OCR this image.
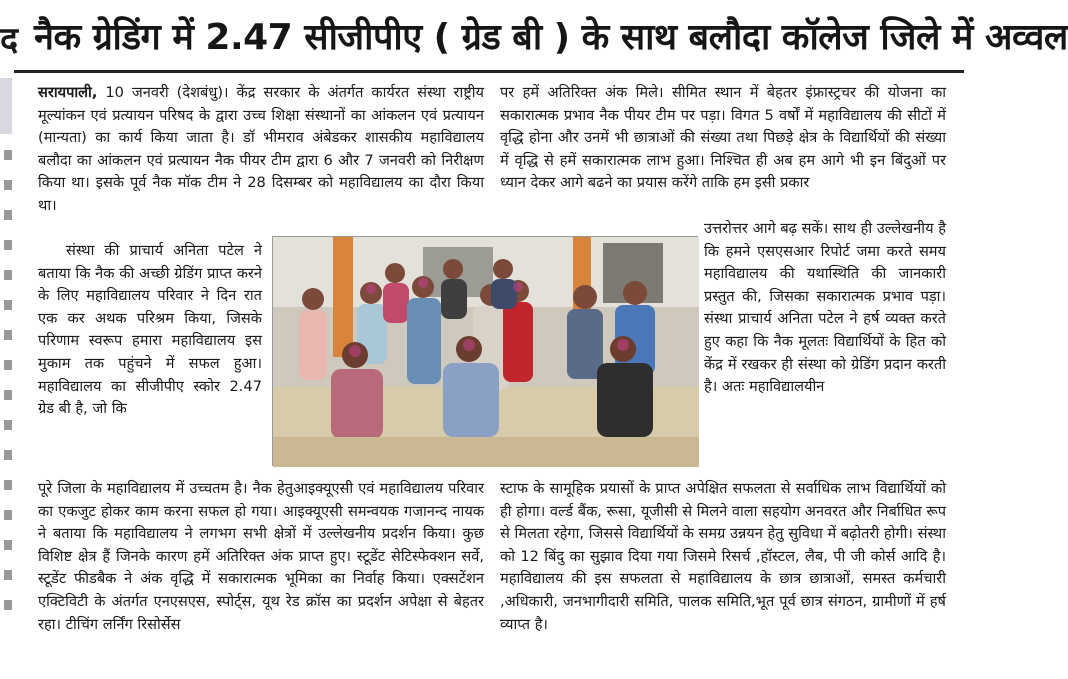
द नैक ग्रेडिंग में 2.47 सीजीपीए ( ग्रेड बी ) के साथ बलौदा कॉलेज जिले में अव्वल

सरायपाली, 10 जनवरी (देशबंधु)। केंद्र सरकार के अंतर्गत कार्यरत संस्था राष्ट्रीय मूल्यांकन एवं प्रत्यायन परिषद के द्वारा उच्च शिक्षा संस्थानों का आंकलन एवं प्रत्यायन (मान्यता) का कार्य किया जाता है। डॉ भीमराव अंबेडकर शासकीय महाविद्यालय बलौदा का आंकलन एवं प्रत्यायन नैक पीयर टीम द्वारा 6 और 7 जनवरी को निरीक्षण किया था। इसके पूर्व नैक मॉक टीम ने 28 दिसम्बर को महाविद्यालय का दौरा किया था।

संस्था की प्राचार्य अनिता पटेल ने बताया कि नैक की अच्छी ग्रेडिंग प्राप्त करने के लिए महाविद्यालय परिवार ने दिन रात एक कर अथक परिश्रम किया, जिसके परिणाम स्वरूप हमारा महाविद्यालय इस मुकाम तक पहुंचने में सफल हुआ।महाविद्यालय का सीजीपीए स्कोर 2.47 ग्रेड बी है, जो कि
पूरे जिला के महाविद्यालय में उच्चतम है। नैक हेतुआइक्यूएसी एवं महाविद्यालय परिवार का एकजुट होकर काम करना सफल हो गया। आइक्यूएसी समन्वयक गजानन्द नायक ने बताया कि महाविद्यालय ने लगभग सभी क्षेत्रों में उल्लेखनीय प्रदर्शन किया। कुछ विशिष्ट क्षेत्र हैं जिनके कारण हमें अतिरिक्त अंक प्राप्त हुए। स्टूडेंट सेटिस्फेक्शन सर्वे, स्टूडेंट फीडबैक ने अंक वृद्धि में सकारात्मक भूमिका का निर्वाह किया। एक्सटेंशन एक्टिविटी के अंतर्गत एनएसएस, स्पोर्ट्स, यूथ रेड क्रॉस का प्रदर्शन अपेक्षा से बेहतर रहा। टीचिंग लर्निंग रिसोर्सेस
पर हमें अतिरिक्त अंक मिले। सीमित स्थान में बेहतर इंफ्रास्ट्रचर की योजना का सकारात्मक प्रभाव नैक पीयर टीम पर पड़ा। विगत 5 वर्षों में महाविद्यालय की सीटों में वृद्धि होना और उनमें भी छात्राओं की संख्या तथा पिछड़े क्षेत्र के विद्यार्थियों की संख्या में वृद्धि से हमें सकारात्मक लाभ हुआ। निश्चित ही अब हम आगे भी इन बिंदुओं पर ध्यान देकर आगे बढने का प्रयास करेंगे ताकि हम इसी प्रकार
उत्तरोत्तर आगे बढ़ सकें। साथ ही उल्लेखनीय है कि हमने एसएसआर रिपोर्ट जमा करते समय महाविद्यालय की यथास्थिति की जानकारी प्रस्तुत की, जिसका सकारात्मक प्रभाव पड़ा। संस्था प्राचार्य अनिता पटेल ने हर्ष व्यक्त करते हुए कहा कि नैक मूलतः विद्यार्थियों के हित को केंद्र में रखकर ही संस्था को ग्रेडिंग प्रदान करती है। अतः महाविद्यालयीन
स्टाफ के सामूहिक प्रयासों के प्राप्त अपेक्षित सफलता से सर्वाधिक लाभ विद्यार्थियों को ही होगा। वर्ल्ड बैंक, रूसा, यूजीसी से मिलने वाला सहयोग अनवरत और निर्बाधित रूप से मिलता रहेगा, जिससे विद्यार्थियों के समग्र उन्नयन हेतु सुविधा में बढ़ोतरी होगी। संस्था को 12 बिंदु का सुझाव दिया गया जिसमे रिसर्च ,हॉस्टल, लैब, पी जी कोर्स आदि है। महाविद्यालय की इस सफलता से महाविद्यालय के छात्र छात्राओं, समस्त कर्मचारी ,अधिकारी, जनभागीदारी समिति, पालक समिति,भूत पूर्व छात्र संगठन, ग्रामीणों में हर्ष व्याप्त है।
